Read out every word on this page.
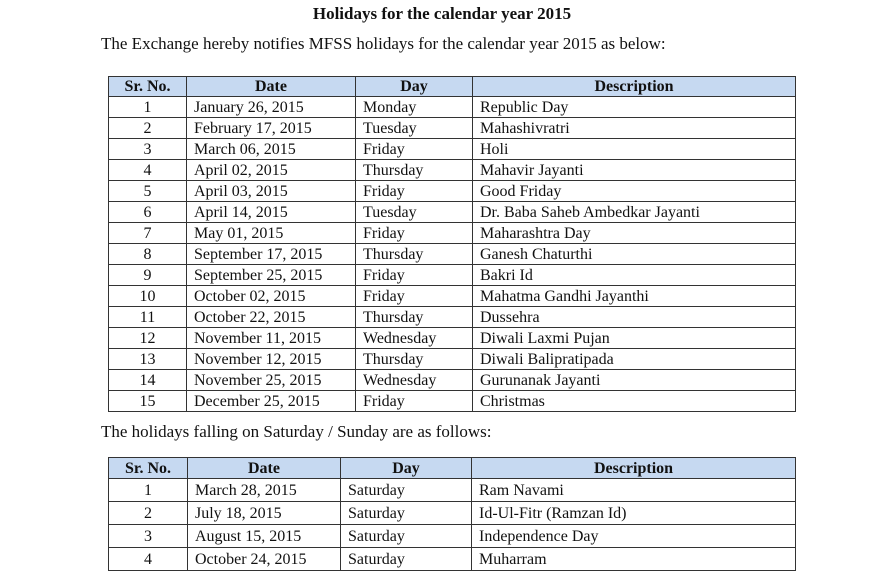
Holidays for the calendar year 2015
The Exchange hereby notifies MFSS holidays for the calendar year 2015 as below:
Sr. No.	Date	Day	Description
1	January 26, 2015	Monday	Republic Day
2	February 17, 2015	Tuesday	Mahashivratri
3	March 06, 2015	Friday	Holi
4	April 02, 2015	Thursday	Mahavir Jayanti
5	April 03, 2015	Friday	Good Friday
6	April 14, 2015	Tuesday	Dr. Baba Saheb Ambedkar Jayanti
7	May 01, 2015	Friday	Maharashtra Day
8	September 17, 2015	Thursday	Ganesh Chaturthi
9	September 25, 2015	Friday	Bakri Id
10	October 02, 2015	Friday	Mahatma Gandhi Jayanthi
11	October 22, 2015	Thursday	Dussehra
12	November 11, 2015	Wednesday	Diwali Laxmi Pujan
13	November 12, 2015	Thursday	Diwali Balipratipada
14	November 25, 2015	Wednesday	Gurunanak Jayanti
15	December 25, 2015	Friday	Christmas
The holidays falling on Saturday / Sunday are as follows:
Sr. No.	Date	Day	Description
1	March 28, 2015	Saturday	Ram Navami
2	July 18, 2015	Saturday	Id-Ul-Fitr (Ramzan Id)
3	August 15, 2015	Saturday	Independence Day
4	October 24, 2015	Saturday	Muharram
